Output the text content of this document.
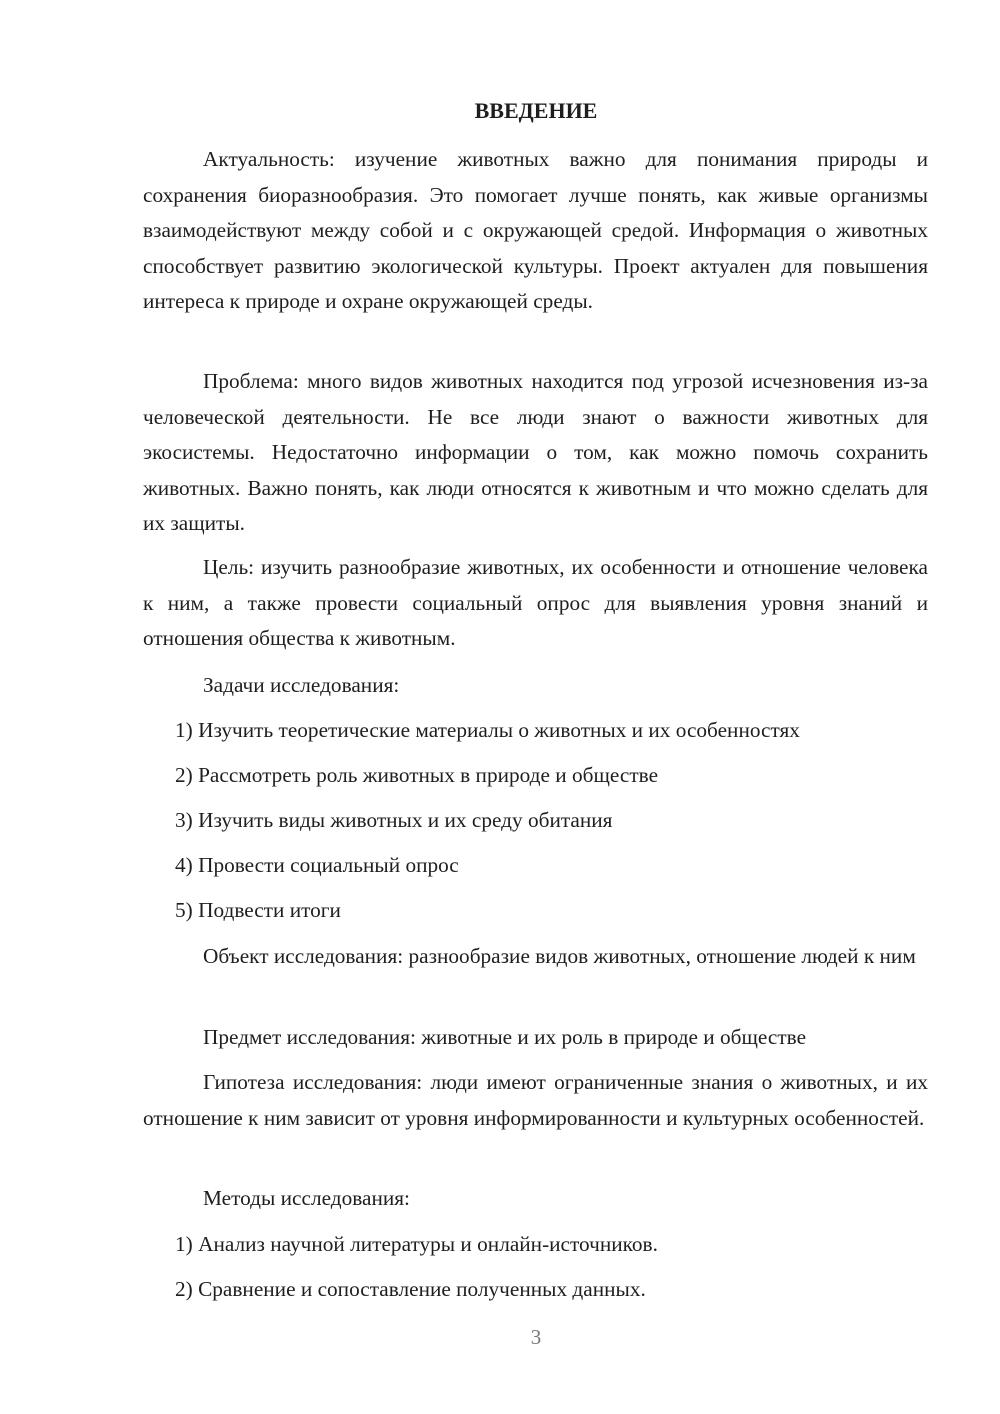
ВВЕДЕНИЕ

Актуальность: изучение животных важно для понимания природы и сохранения биоразнообразия. Это помогает лучше понять, как живые организмы взаимодействуют между собой и с окружающей средой. Информация о животных способствует развитию экологической культуры. Проект актуален для повышения интереса к природе и охране окружающей среды.

Проблема: много видов животных находится под угрозой исчезновения из-за человеческой деятельности. Не все люди знают о важности животных для экосистемы. Недостаточно информации о том, как можно помочь сохранить животных. Важно понять, как люди относятся к животным и что можно сделать для их защиты.

Цель: изучить разнообразие животных, их особенности и отношение человека к ним, а также провести социальный опрос для выявления уровня знаний и отношения общества к животным.

Задачи исследования:
1) Изучить теоретические материалы о животных и их особенностях
2) Рассмотреть роль животных в природе и обществе
3) Изучить виды животных и их среду обитания
4) Провести социальный опрос
5) Подвести итоги

Объект исследования: разнообразие видов животных, отношение людей к ним

Предмет исследования: животные и их роль в природе и обществе

Гипотеза исследования: люди имеют ограниченные знания о животных, и их отношение к ним зависит от уровня информированности и культурных особенностей.

Методы исследования:
1) Анализ научной литературы и онлайн-источников.
2) Сравнение и сопоставление полученных данных.
3
